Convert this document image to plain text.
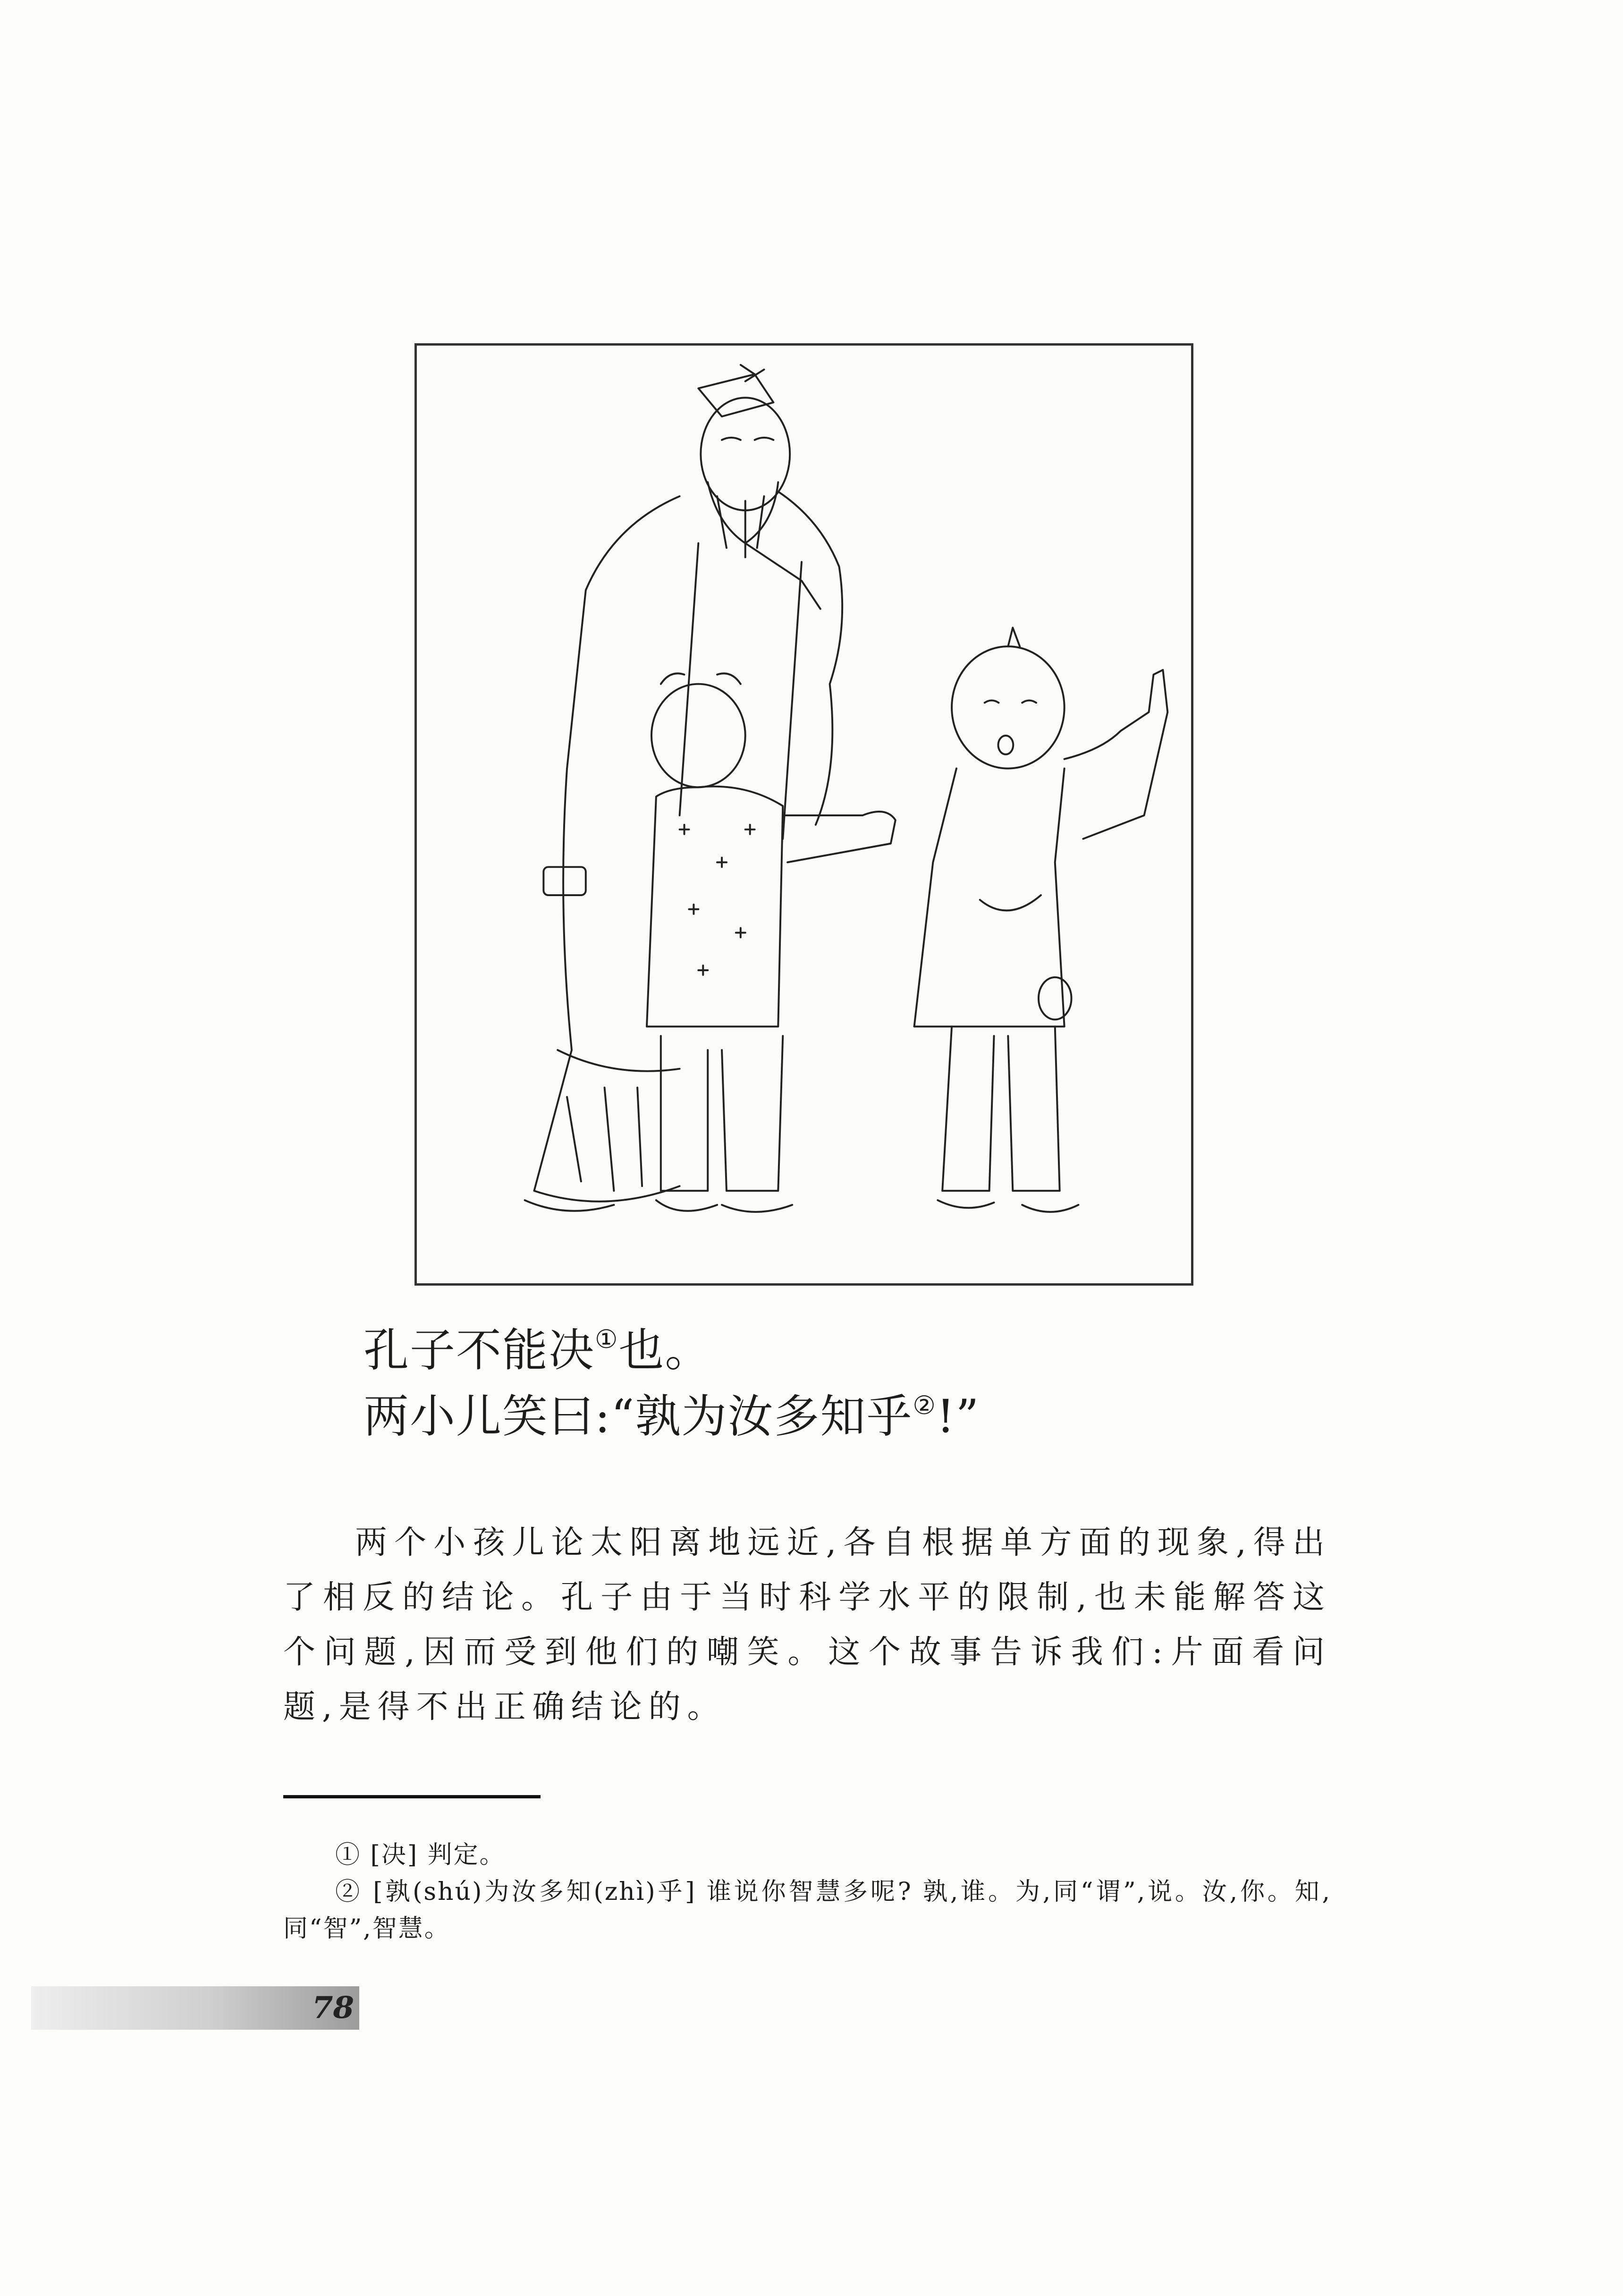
孔子不能决①也。
两小儿笑曰:“孰为汝多知乎②!”

两个小孩儿论太阳离地远近,各自根据单方面的现象,得出了相反的结论。孔子由于当时科学水平的限制,也未能解答这个问题,因而受到他们的嘲笑。这个故事告诉我们:片面看问题,是得不出正确结论的。

① [决] 判定。

② [孰(shú)为汝多知(zhì)乎] 谁说你智慧多呢? 孰,谁。为,同“谓”,说。汝,你。知,同“智”,智慧。

78
